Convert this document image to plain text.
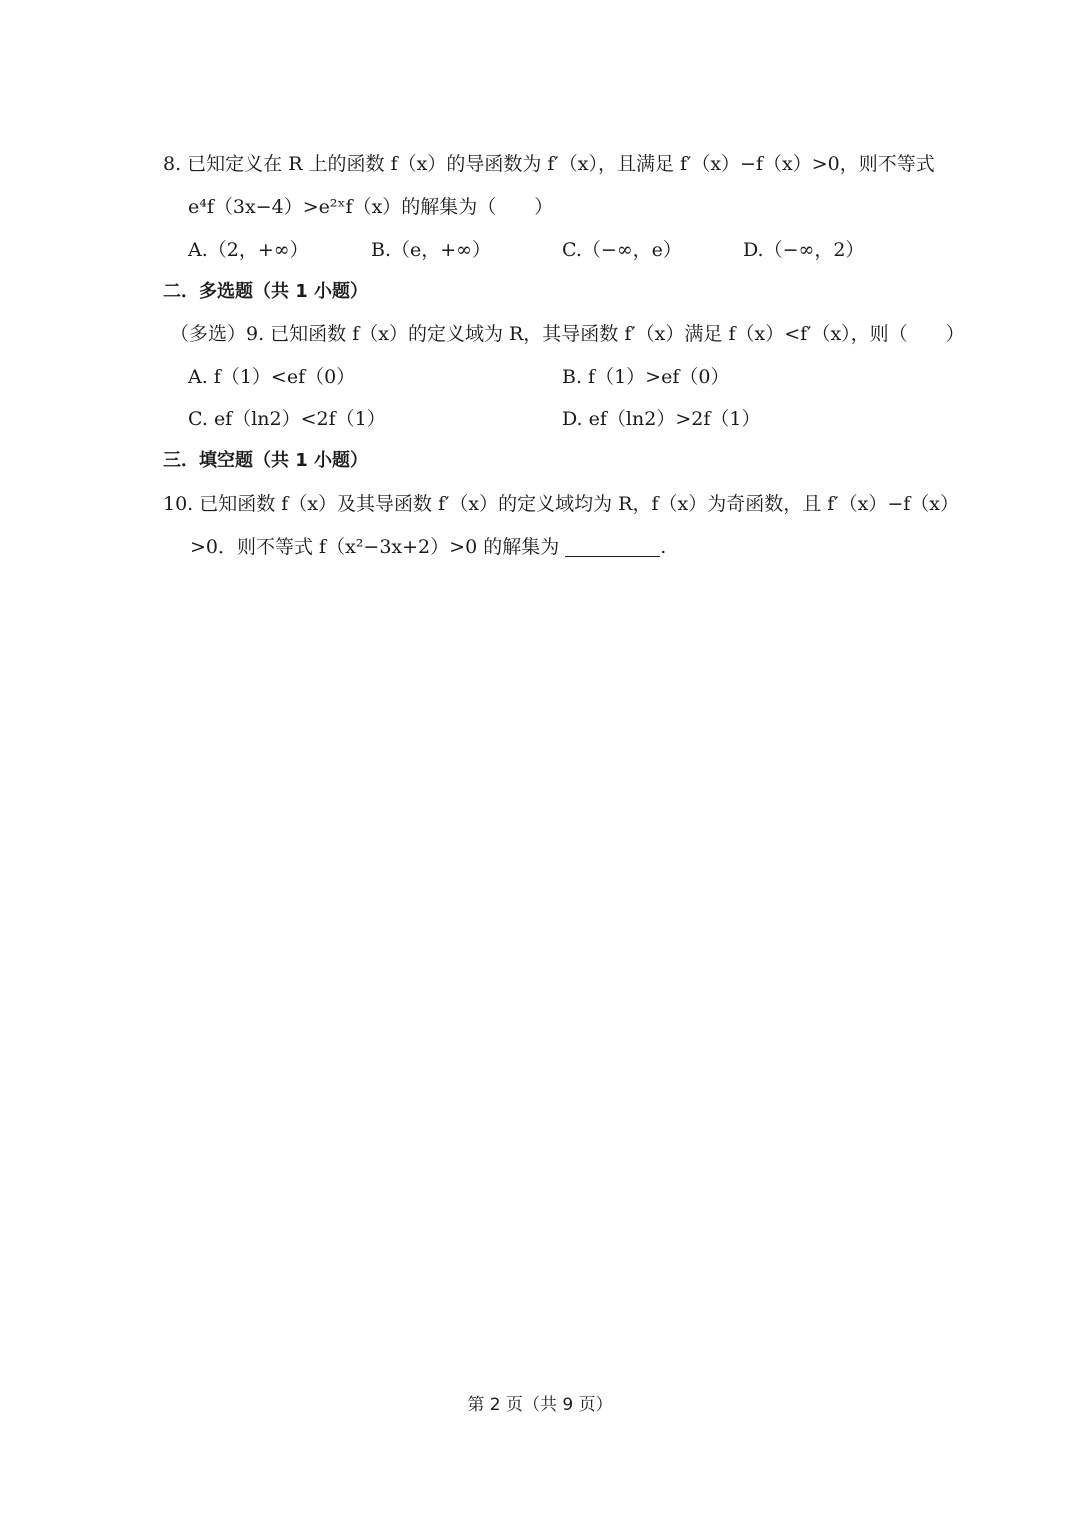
8. 已知定义在 R 上的函数 f（x）的导函数为 f′（x），且满足 f′（x）−f（x）>0，则不等式
e⁴f（3x−4）>e²ˣf（x）的解集为（　　）
A.（2，+∞）	B.（e，+∞）	C.（−∞，e）	D.（−∞，2）
二．多选题（共 1 小题）
（多选）9. 已知函数 f（x）的定义域为 R，其导函数 f′（x）满足 f（x）<f′（x），则（　　）
A. f（1）<ef（0）	B. f（1）>ef（0）
C. ef（ln2）<2f（1）	D. ef（ln2）>2f（1）
三．填空题（共 1 小题）
10. 已知函数 f（x）及其导函数 f′（x）的定义域均为 R，f（x）为奇函数，且 f′（x）−f（x）
>0．则不等式 f（x²−3x+2）>0 的解集为 　　　　　	.
第 2 页（共 9 页）
